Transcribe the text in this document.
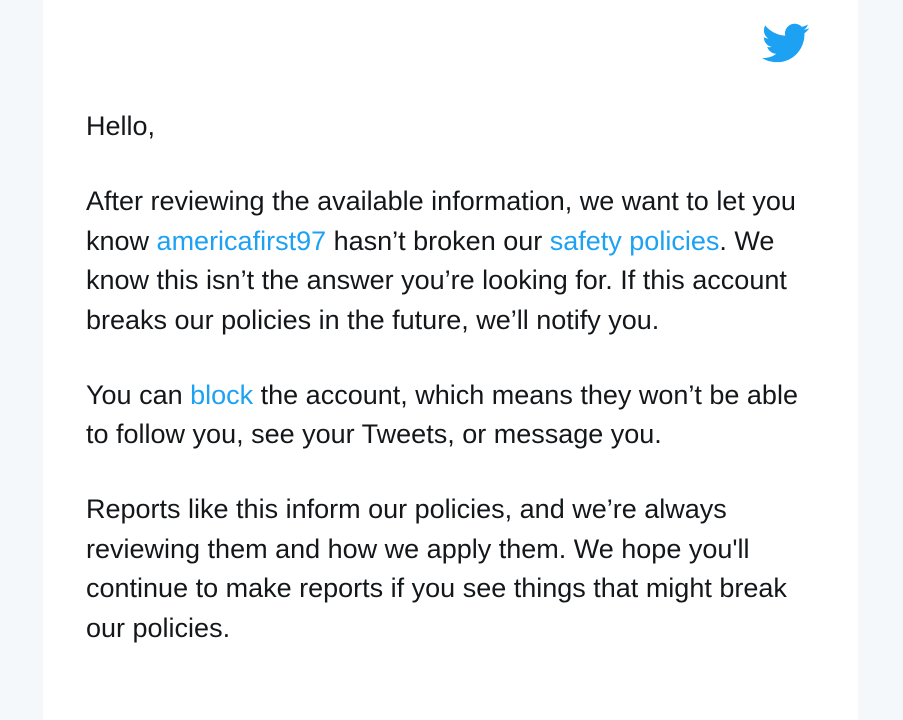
Hello,

After reviewing the available information, we want to let you know americafirst97 hasn’t broken our safety policies. We know this isn’t the answer you’re looking for. If this account breaks our policies in the future, we’ll notify you.

You can block the account, which means they won’t be able to follow you, see your Tweets, or message you.

Reports like this inform our policies, and we’re always reviewing them and how we apply them. We hope you'll continue to make reports if you see things that might break our policies.
